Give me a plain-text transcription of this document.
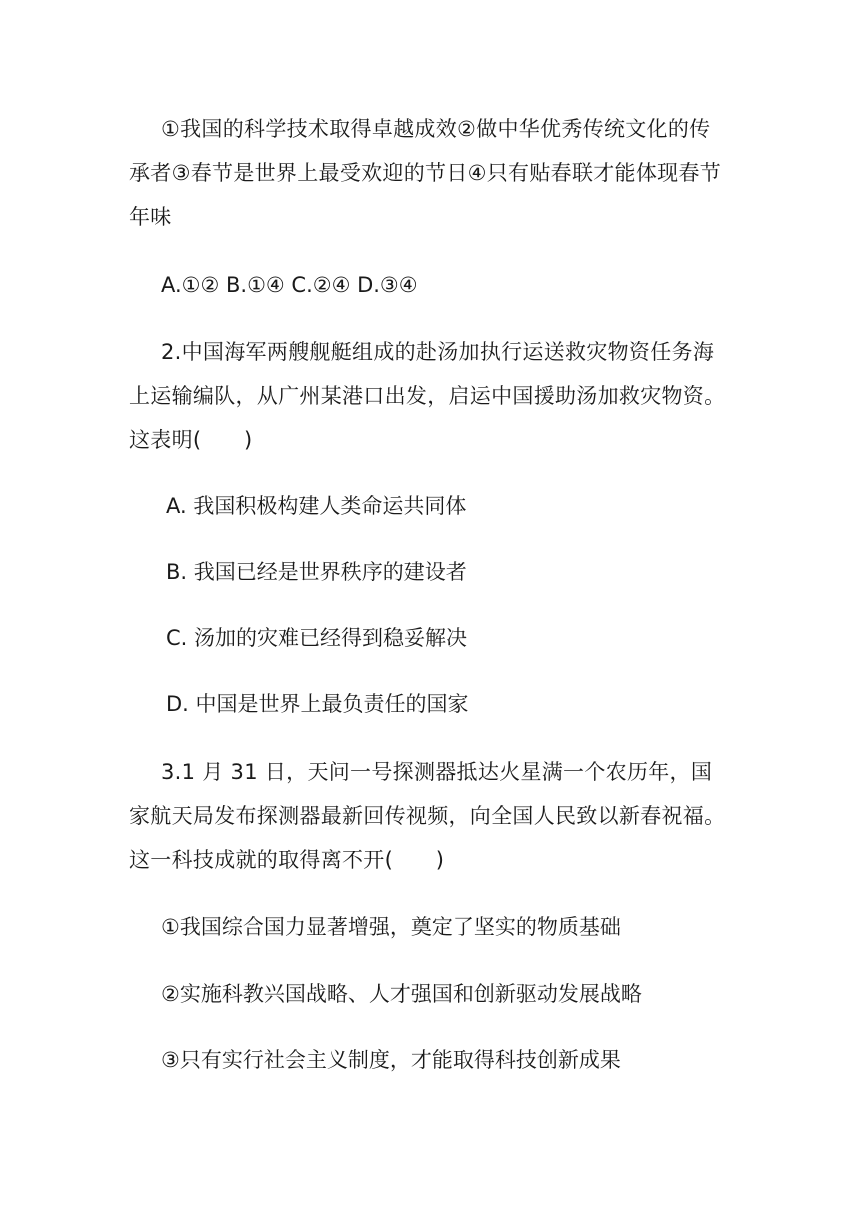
①我国的科学技术取得卓越成效②做中华优秀传统文化的传承者③春节是世界上最受欢迎的节日④只有贴春联才能体现春节年味

A.①② B.①④ C.②④ D.③④

2.中国海军两艘舰艇组成的赴汤加执行运送救灾物资任务海上运输编队，从广州某港口出发，启运中国援助汤加救灾物资。这表明(　　)

A. 我国积极构建人类命运共同体

B. 我国已经是世界秩序的建设者

C. 汤加的灾难已经得到稳妥解决

D. 中国是世界上最负责任的国家

3.1 月 31 日，天问一号探测器抵达火星满一个农历年，国家航天局发布探测器最新回传视频，向全国人民致以新春祝福。这一科技成就的取得离不开(　　)

①我国综合国力显著增强，奠定了坚实的物质基础

②实施科教兴国战略、人才强国和创新驱动发展战略

③只有实行社会主义制度，才能取得科技创新成果
